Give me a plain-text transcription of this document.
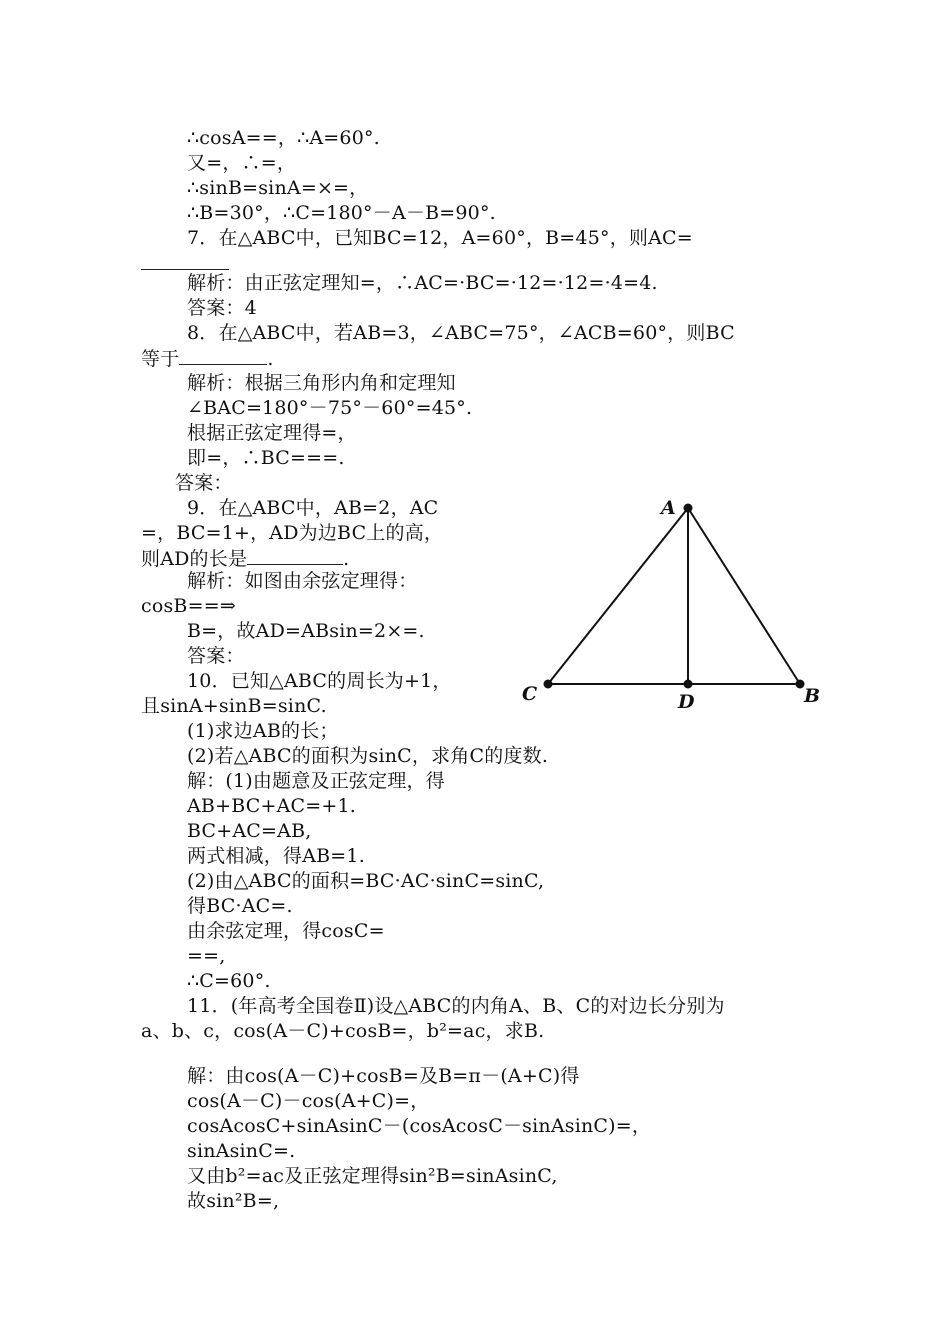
∴cosA==，∴A=60°.
又=，∴=，
∴sinB=sinA=×=，
∴B=30°，∴C=180°－A－B=90°.
7．在△ABC中，已知BC=12，A=60°，B=45°，则AC=
解析：由正弦定理知=，∴AC=·BC=·12=·12=·4=4.
答案：4
8．在△ABC中，若AB=3，∠ABC=75°，∠ACB=60°，则BC
等于	.
解析：根据三角形内角和定理知
∠BAC=180°－75°－60°=45°.
根据正弦定理得=，
即=，∴BC===.
答案：
9．在△ABC中，AB=2，AC
=，BC=1+，AD为边BC上的高，
则AD的长是	.
解析：如图由余弦定理得：
cosB==⇒
B=，故AD=ABsin=2×=.
答案：
10．已知△ABC的周长为+1，
且sinA+sinB=sinC.
(1)求边AB的长；
(2)若△ABC的面积为sinC，求角C的度数.
解：(1)由题意及正弦定理，得
AB+BC+AC=+1.
BC+AC=AB,
两式相减，得AB=1.
(2)由△ABC的面积=BC·AC·sinC=sinC,
得BC·AC=.
由余弦定理，得cosC=
==,
∴C=60°.
11．(年高考全国卷Ⅱ)设△ABC的内角A、B、C的对边长分别为
a、b、c，cos(A－C)+cosB=，b²=ac，求B.
解：由cos(A－C)+cosB=及B=π－(A+C)得
cos(A－C)－cos(A+C)=，
cosAcosC+sinAsinC－(cosAcosC－sinAsinC)=，
sinAsinC=.
又由b²=ac及正弦定理得sin²B=sinAsinC,
故sin²B=,
A
C	D	B
